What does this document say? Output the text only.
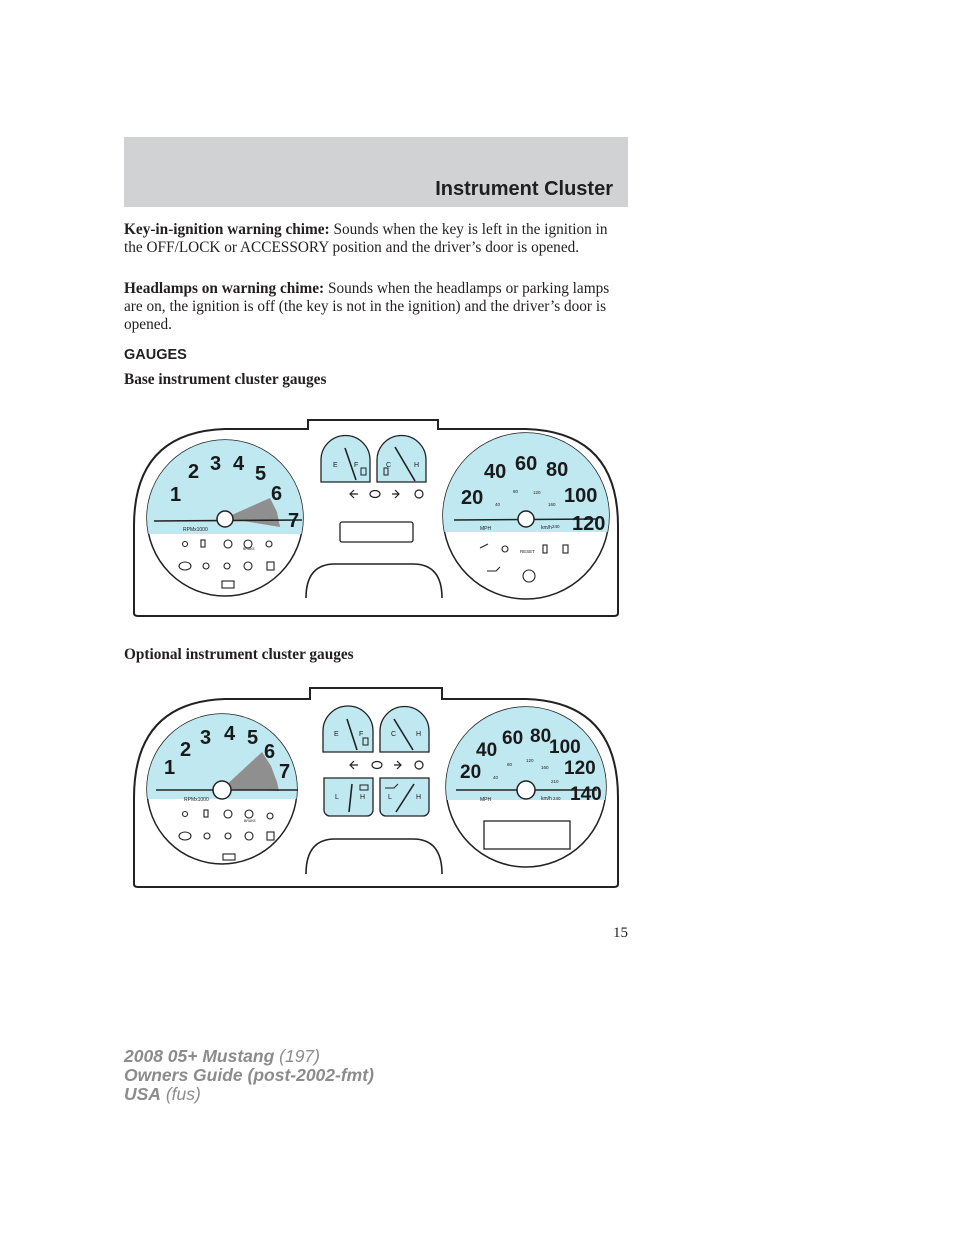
Instrument Cluster

Key-in-ignition warning chime: Sounds when the key is left in the ignition in the OFF/LOCK or ACCESSORY position and the driver’s door is opened.

Headlamps on warning chime: Sounds when the headlamps or parking lamps are on, the ignition is off (the key is not in the ignition) and the driver’s door is opened.

GAUGES

Base instrument cluster gauges

1
2 3 4 5
6
7
RPMx1000
BRAKE
E F	C	H
20
40 60 80
100
120
40
80	120
160
240
MPH	km/h
RESET

Optional instrument cluster gauges

1
2
3 4 5
6
7
RPMx1000
BRAKE
E	F	C	H
L	H	L	H
20
40
60 80
100
120
140
40
80
120
160
210
240
MPH	km/h
15
2008 05+ Mustang (197)
Owners Guide (post-2002-fmt)
USA (fus)
